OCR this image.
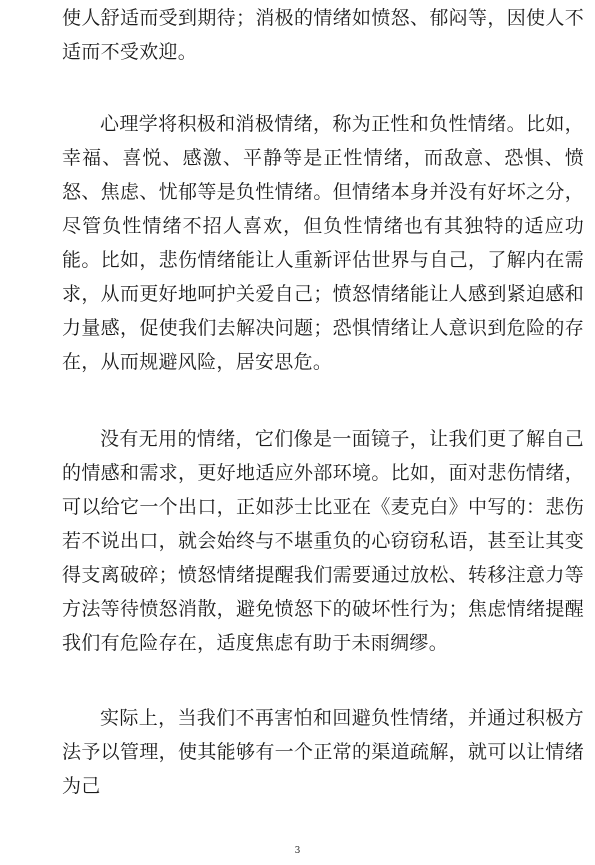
使人舒适而受到期待；消极的情绪如愤怒、郁闷等，因使人不适而不受欢迎。

心理学将积极和消极情绪，称为正性和负性情绪。比如，幸福、喜悦、感激、平静等是正性情绪，而敌意、恐惧、愤怒、焦虑、忧郁等是负性情绪。但情绪本身并没有好坏之分，尽管负性情绪不招人喜欢，但负性情绪也有其独特的适应功能。比如，悲伤情绪能让人重新评估世界与自己，了解内在需求，从而更好地呵护关爱自己；愤怒情绪能让人感到紧迫感和力量感，促使我们去解决问题；恐惧情绪让人意识到危险的存在，从而规避风险，居安思危。

没有无用的情绪，它们像是一面镜子，让我们更了解自己的情感和需求，更好地适应外部环境。比如，面对悲伤情绪，可以给它一个出口，正如莎士比亚在《麦克白》中写的：悲伤若不说出口，就会始终与不堪重负的心窃窃私语，甚至让其变得支离破碎；愤怒情绪提醒我们需要通过放松、转移注意力等方法等待愤怒消散，避免愤怒下的破坏性行为；焦虑情绪提醒我们有危险存在，适度焦虑有助于未雨绸缪。

实际上，当我们不再害怕和回避负性情绪，并通过积极方法予以管理，使其能够有一个正常的渠道疏解，就可以让情绪为己

3
